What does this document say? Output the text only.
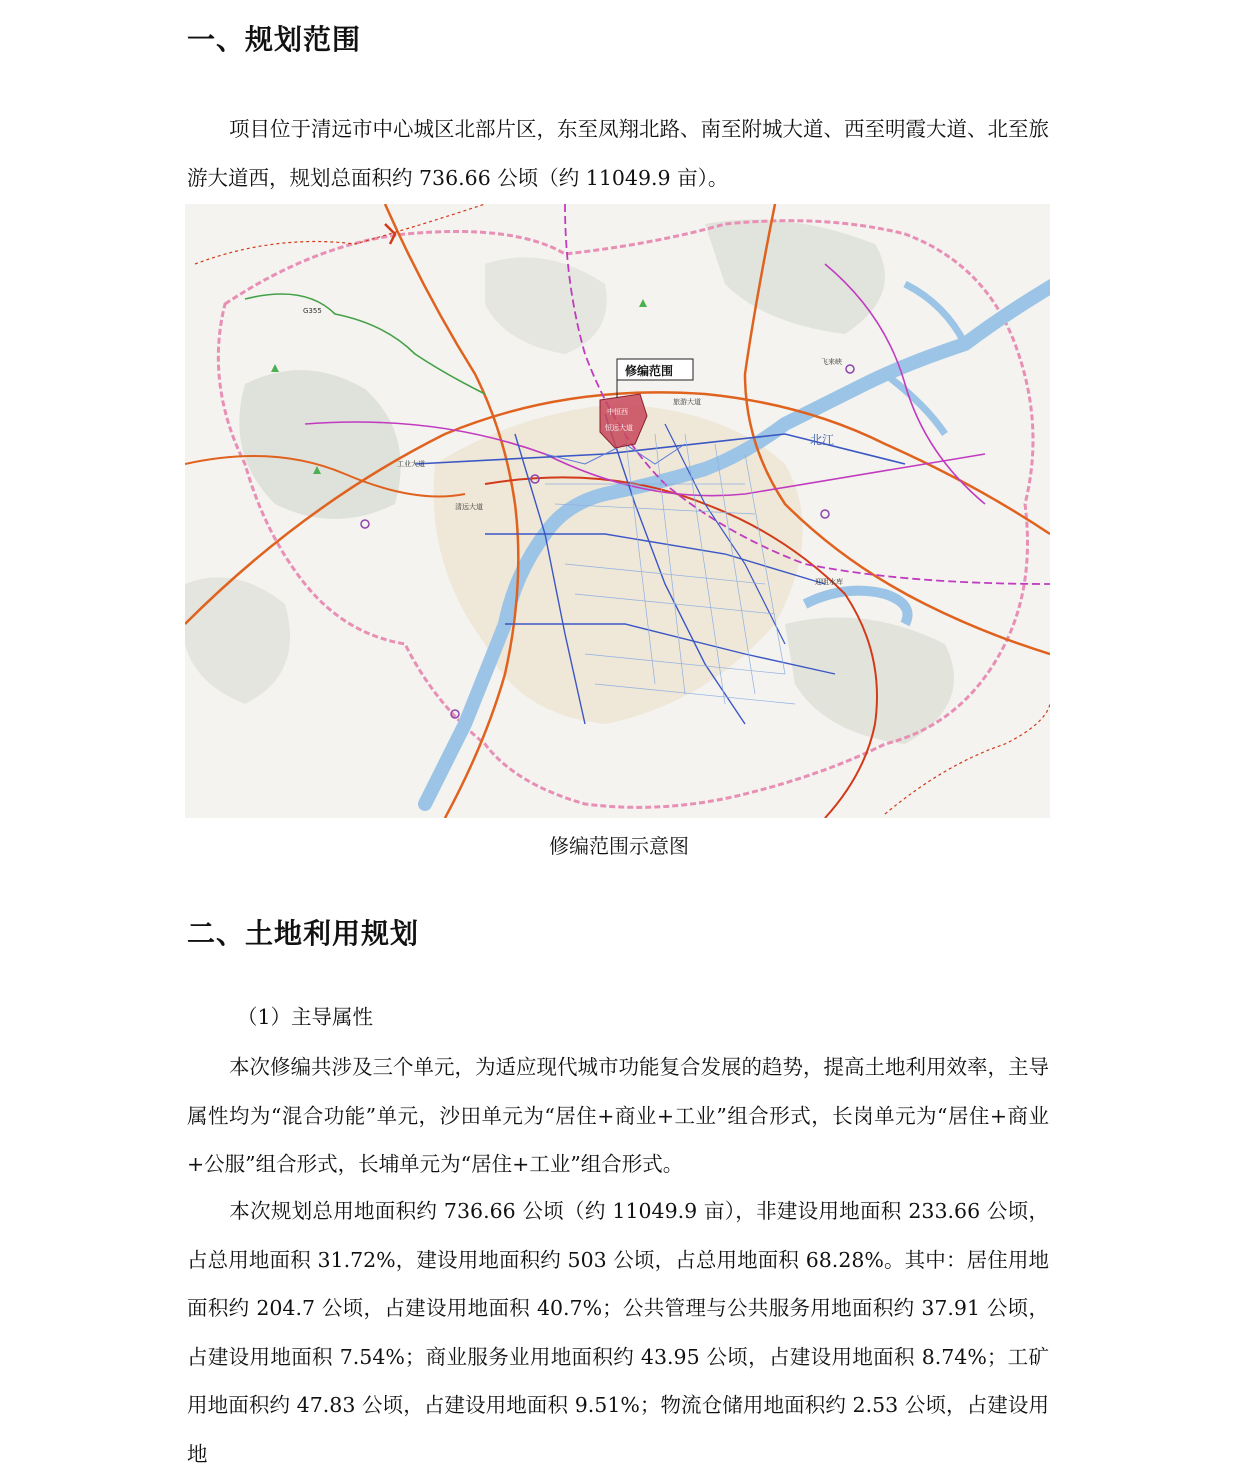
一、规划范围

项目位于清远市中心城区北部片区，东至凤翔北路、南至附城大道、西至明霞大道、北至旅游大道西，规划总面积约 736.66 公顷（约 11049.9 亩）。

中恒西
恒远大道
修编范围
G355
工业大道
旅游大道
北江
清远大道
飞来峡
迎咀水库

修编范围示意图

二、土地利用规划

（1）主导属性

本次修编共涉及三个单元，为适应现代城市功能复合发展的趋势，提高土地利用效率，主导属性均为“混合功能”单元，沙田单元为“居住+商业+工业”组合形式，长岗单元为“居住+商业+公服”组合形式，长埔单元为“居住+工业”组合形式。

本次规划总用地面积约 736.66 公顷（约 11049.9 亩），非建设用地面积 233.66 公顷，占总用地面积 31.72%，建设用地面积约 503 公顷，占总用地面积 68.28%。其中：居住用地面积约 204.7 公顷，占建设用地面积 40.7%；公共管理与公共服务用地面积约 37.91 公顷，占建设用地面积 7.54%；商业服务业用地面积约 43.95 公顷，占建设用地面积 8.74%；工矿用地面积约 47.83 公顷，占建设用地面积 9.51%；物流仓储用地面积约 2.53 公顷，占建设用地
